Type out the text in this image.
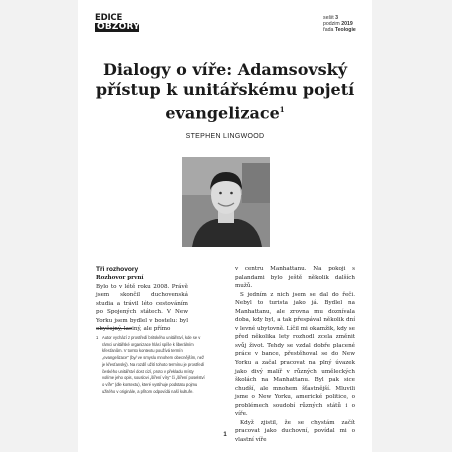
EDICE
OBZORY
sešit 3
podzim 2019
řada Teologie
Dialogy o víře: Adamsovský přístup k unitářskému pojetí evangelizace$^1$
STEPHEN LINGWOOD
Tři rozhovory
Rozhovor první

Bylo to v létě roku 2008. Právě jsem skončil duchovenská studia a trávil léto cestováním po Spojených státech. V New Yorku jsem bydlel v bostelu: byl obyčejný, laciný, ale přímo

v centru Manhattanu. Na pokoji s palandami bylo ještě několik dalších mužů.

S jedním z nich jsem se dal do řeči. Nebyl to turista jako já. Bydlel na Manhattanu, ale zrovna mu doznívala doba, kdy byl, a tak přespával několik dní v levné ubytovně. Líčil mi okamžik, kdy se před několika lety rozhodl zcela změnit svůj život. Tehdy se vzdal dobře placené práce v bance, přestěhoval se do New Yorku a začal pracovat na plný úvazek jako divý malíř v různých uměleckých školách na Manhattanu. Byl pak sice chudší, ale mnohem šťastnější. Mluvili jsme o New Yorku, americké politice, o problémech soudobí různých států i o víře.

Když zjistil, že se chystám začít pracovat jako duchovní, povídal mi o vlastní víře

1 Autor vychází z prostředí britského unitářství, kde se v rámci unitářské organizace hlásí spíše k liberálním křesťanům. V tomto kontextu používá termín „evangelizace" (by/ ve smyslu mnohem obecnějším, než je křesťanský). Na rozdíl užití tohoto termínu je prostředí českého unitářství dost cizí, proto v překladu místy volíme jeho opis, souslovi „šíření víry" či „šíření poselství o víře" (dle kontextu), které vystihuje podstatu pojmu užitého v originále, a přitom odpovídá naší kultuře.
1
